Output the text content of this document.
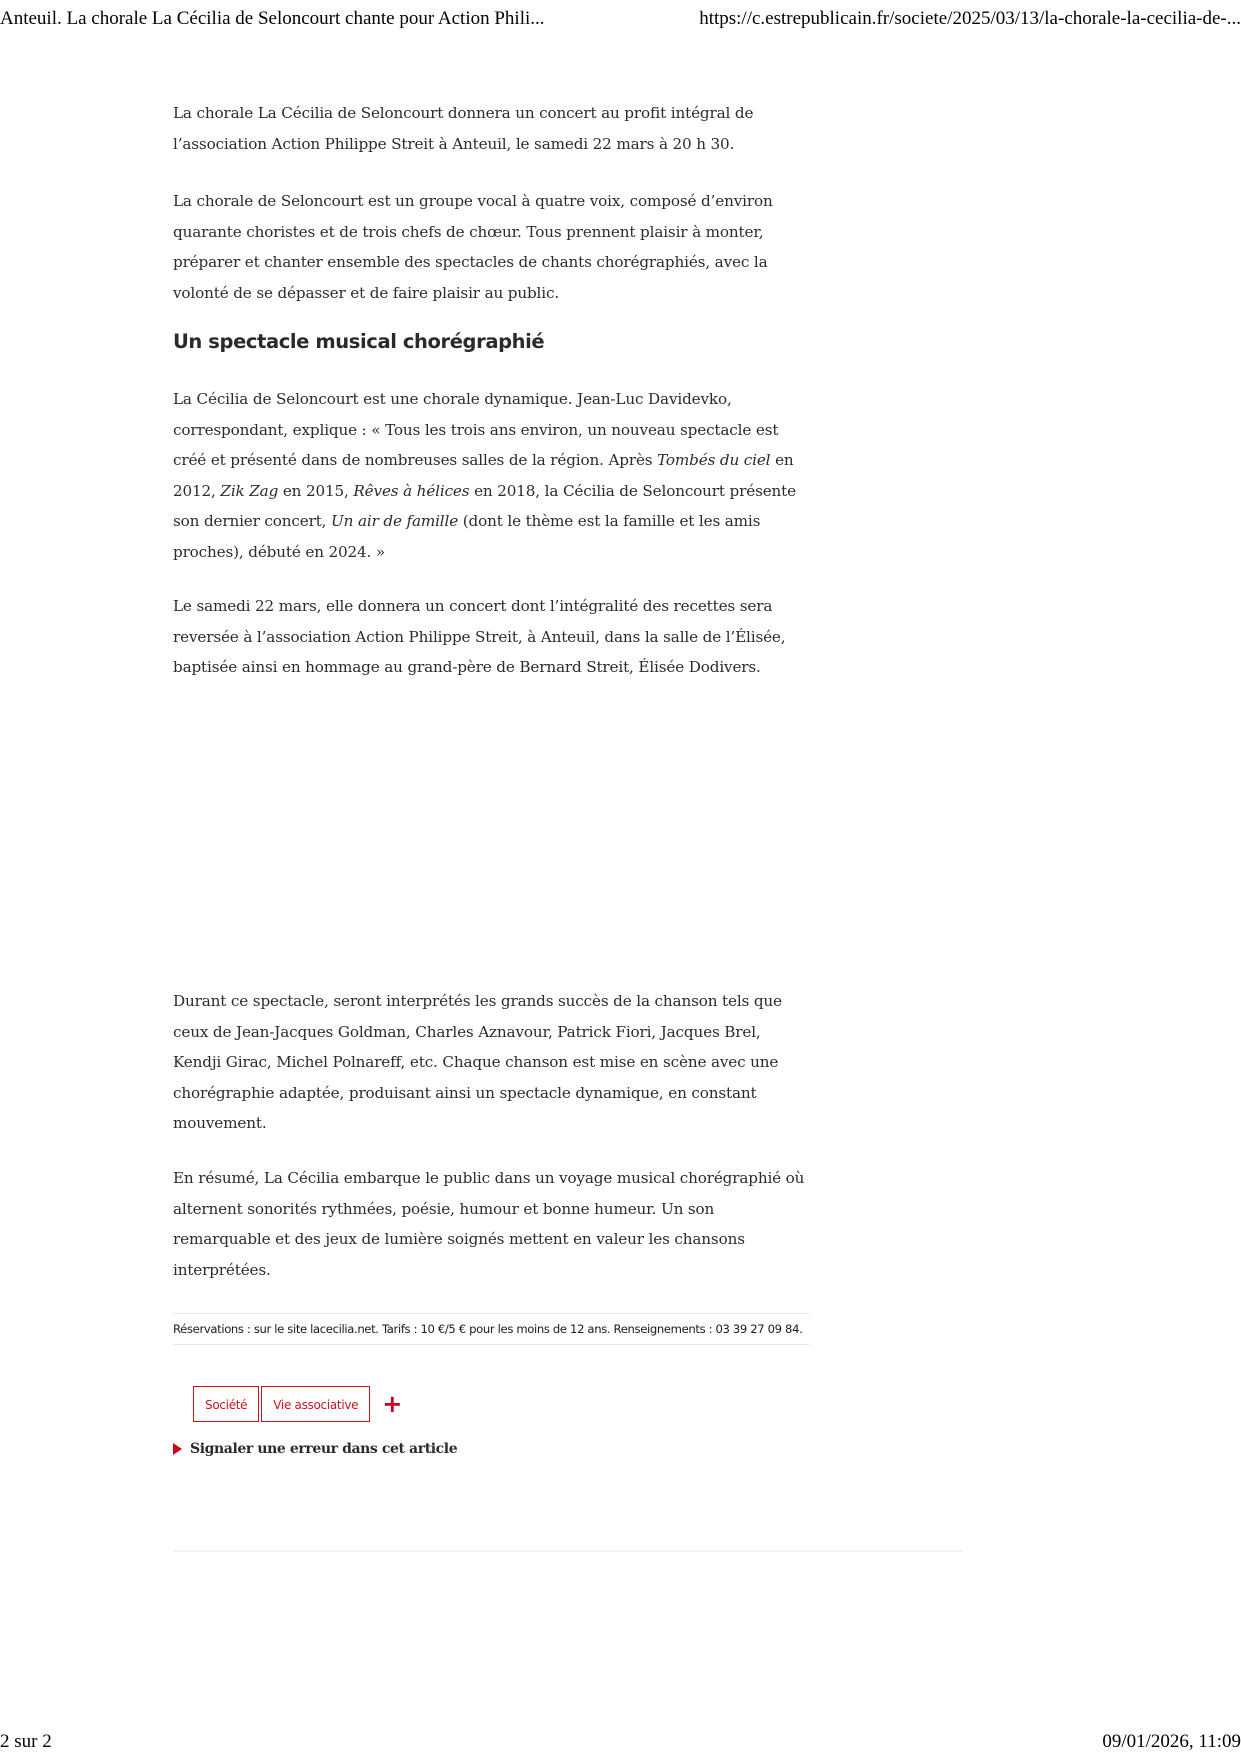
Anteuil. La chorale La Cécilia de Seloncourt chante pour Action Phili...	https://c.estrepublicain.fr/societe/2025/03/13/la-chorale-la-cecilia-de-...

La chorale La Cécilia de Seloncourt donnera un concert au profit intégral de l’association Action Philippe Streit à Anteuil, le samedi 22 mars à 20 h 30.

La chorale de Seloncourt est un groupe vocal à quatre voix, composé d’environ quarante choristes et de trois chefs de chœur. Tous prennent plaisir à monter, préparer et chanter ensemble des spectacles de chants chorégraphiés, avec la volonté de se dépasser et de faire plaisir au public.

Un spectacle musical chorégraphié

La Cécilia de Seloncourt est une chorale dynamique. Jean-Luc Davidevko, correspondant, explique : « Tous les trois ans environ, un nouveau spectacle est créé et présenté dans de nombreuses salles de la région. Après Tombés du ciel en 2012, Zik Zag en 2015, Rêves à hélices en 2018, la Cécilia de Seloncourt présente son dernier concert, Un air de famille (dont le thème est la famille et les amis proches), débuté en 2024. »

Le samedi 22 mars, elle donnera un concert dont l’intégralité des recettes sera reversée à l’association Action Philippe Streit, à Anteuil, dans la salle de l’Élisée, baptisée ainsi en hommage au grand-père de Bernard Streit, Élisée Dodivers.

Durant ce spectacle, seront interprétés les grands succès de la chanson tels que ceux de Jean-Jacques Goldman, Charles Aznavour, Patrick Fiori, Jacques Brel, Kendji Girac, Michel Polnareff, etc. Chaque chanson est mise en scène avec une chorégraphie adaptée, produisant ainsi un spectacle dynamique, en constant mouvement.

En résumé, La Cécilia embarque le public dans un voyage musical chorégraphié où alternent sonorités rythmées, poésie, humour et bonne humeur. Un son remarquable et des jeux de lumière soignés mettent en valeur les chansons interprétées.

Réservations : sur le site lacecilia.net. Tarifs : 10 €/5 € pour les moins de 12 ans. Renseignements : 03 39 27 09 84.
Société	Vie associative	+
Signaler une erreur dans cet article
2 sur 2	09/01/2026, 11:09
